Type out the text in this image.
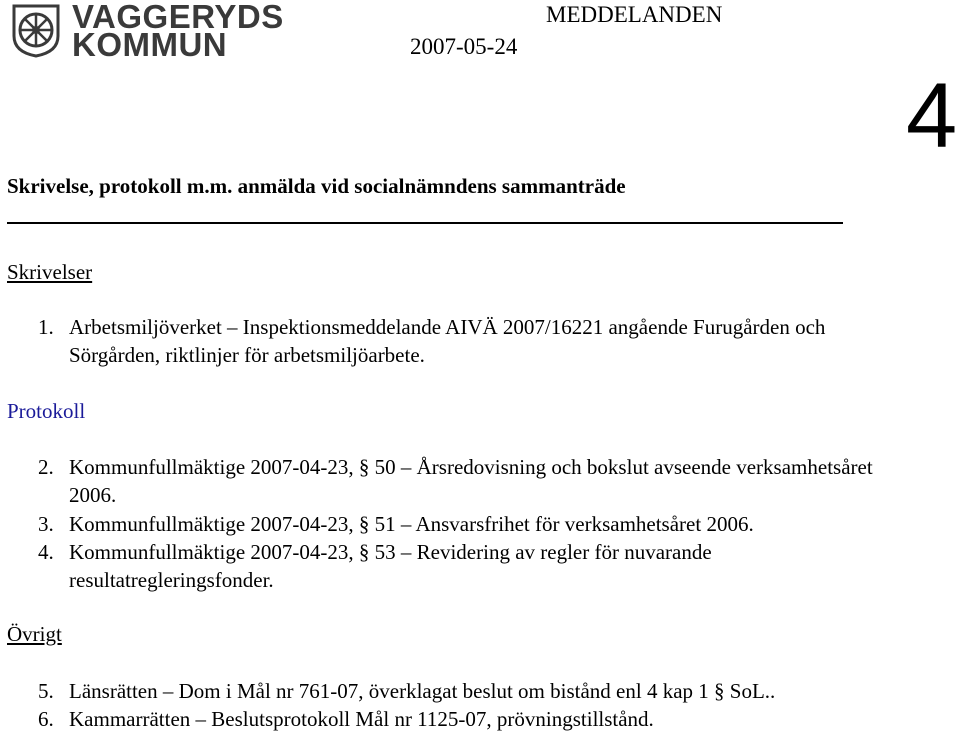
VAGGERYDS
KOMMUN
MEDDELANDEN
2007-05-24
4
Skrivelse, protokoll m.m. anmälda vid socialnämndens sammanträde
Skrivelser
1. Arbetsmiljöverket – Inspektionsmeddelande AIVÄ 2007/16221 angående Furugården och Sörgården, riktlinjer för arbetsmiljöarbete.
Protokoll
2. Kommunfullmäktige 2007-04-23, § 50 – Årsredovisning och bokslut avseende verksamhetsåret 2006.
3. Kommunfullmäktige 2007-04-23, § 51 – Ansvarsfrihet för verksamhetsåret 2006.
4. Kommunfullmäktige 2007-04-23, § 53 – Revidering av regler för nuvarande resultatregleringsfonder.
Övrigt
5. Länsrätten – Dom i Mål nr 761-07, överklagat beslut om bistånd enl 4 kap 1 § SoL..
6. Kammarrätten – Beslutsprotokoll Mål nr 1125-07, prövningstillstånd.
